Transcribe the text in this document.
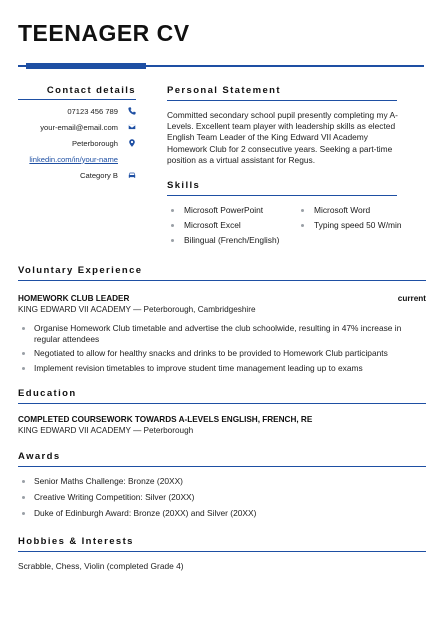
TEENAGER CV
Contact details
07123 456 789
your-email@email.com
Peterborough
linkedin.com/in/your-name
Category B
Personal Statement

Committed secondary school pupil presently completing my A-Levels. Excellent team player with leadership skills as elected English Team Leader of the King Edward VII Academy Homework Club for 2 consecutive years. Seeking a part-time position as a virtual assistant for Regus.

Skills
Microsoft PowerPoint	Microsoft Word
Microsoft Excel	Typing speed 50 W/min
Bilingual (French/English)
Voluntary Experience
HOMEWORK CLUB LEADER	current
KING EDWARD VII ACADEMY — Peterborough, Cambridgeshire
Organise Homework Club timetable and advertise the club schoolwide, resulting in 47% increase in regular attendees
Negotiated to allow for healthy snacks and drinks to be provided to Homework Club participants
Implement revision timetables to improve student time management leading up to exams
Education
COMPLETED COURSEWORK TOWARDS A-LEVELS ENGLISH, FRENCH, RE
KING EDWARD VII ACADEMY — Peterborough
Awards
Senior Maths Challenge: Bronze (20XX)
Creative Writing Competition: Silver (20XX)
Duke of Edinburgh Award: Bronze (20XX) and Silver (20XX)
Hobbies & Interests
Scrabble, Chess, Violin (completed Grade 4)
